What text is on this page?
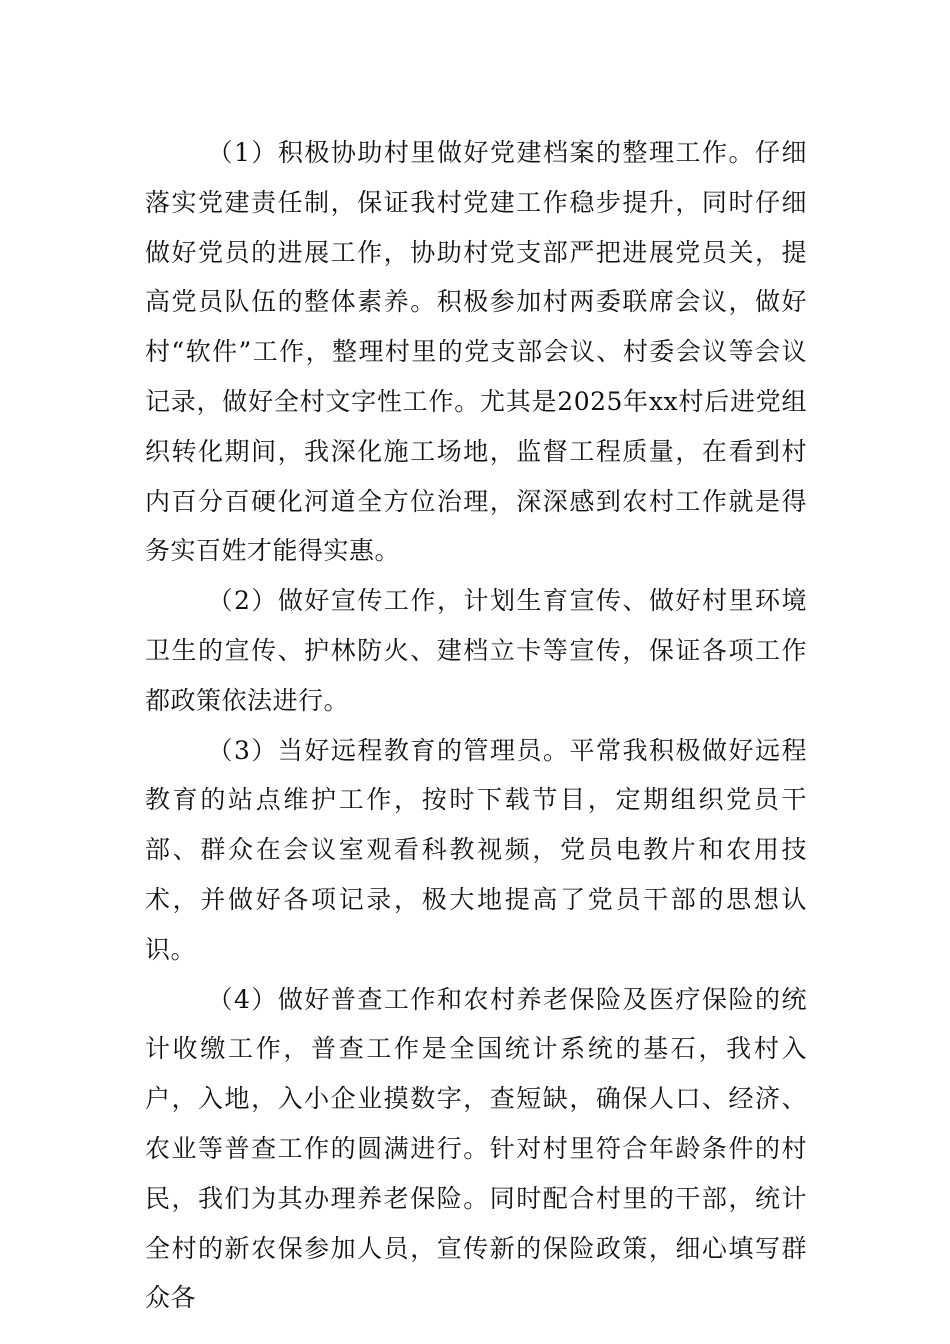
（1）积极协助村里做好党建档案的整理工作。仔细落实党建责任制，保证我村党建工作稳步提升，同时仔细做好党员的进展工作，协助村党支部严把进展党员关，提高党员队伍的整体素养。积极参加村两委联席会议，做好村“软件”工作，整理村里的党支部会议、村委会议等会议记录，做好全村文字性工作。尤其是2025年xx村后进党组织转化期间，我深化施工场地，监督工程质量，在看到村内百分百硬化河道全方位治理，深深感到农村工作就是得务实百姓才能得实惠。

（2）做好宣传工作，计划生育宣传、做好村里环境卫生的宣传、护林防火、建档立卡等宣传，保证各项工作都政策依法进行。

（3）当好远程教育的管理员。平常我积极做好远程教育的站点维护工作，按时下载节目，定期组织党员干部、群众在会议室观看科教视频，党员电教片和农用技术，并做好各项记录，极大地提高了党员干部的思想认识。

（4）做好普查工作和农村养老保险及医疗保险的统计收缴工作，普查工作是全国统计系统的基石，我村入户，入地，入小企业摸数字，查短缺，确保人口、经济、农业等普查工作的圆满进行。针对村里符合年龄条件的村民，我们为其办理养老保险。同时配合村里的干部，统计全村的新农保参加人员，宣传新的保险政策，细心填写群众各
